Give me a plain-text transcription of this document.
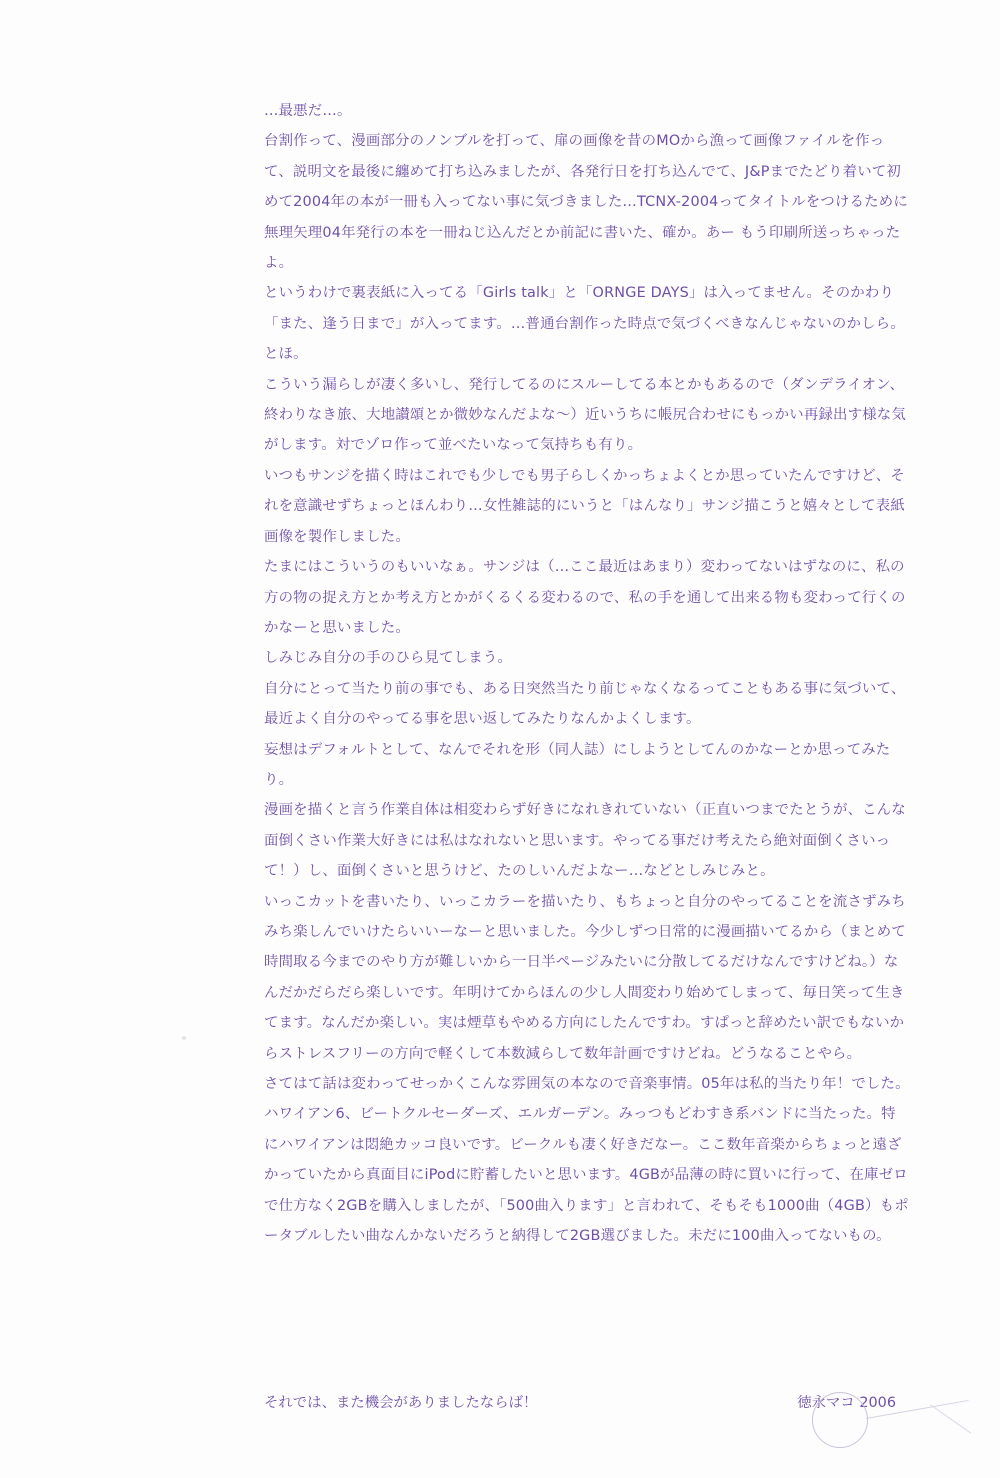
…最悪だ…。

台割作って、漫画部分のノンブルを打って、扉の画像を昔のMOから漁って画像ファイルを作って、説明文を最後に纏めて打ち込みましたが、各発行日を打ち込んでて、J&Pまでたどり着いて初めて2004年の本が一冊も入ってない事に気づきました…TCNX-2004ってタイトルをつけるために無理矢理04年発行の本を一冊ねじ込んだとか前記に書いた、確か。あー もう印刷所送っちゃったよ。

というわけで裏表紙に入ってる「Girls talk」と「ORNGE DAYS」は入ってません。そのかわり「また、逢う日まで」が入ってます。…普通台割作った時点で気づくべきなんじゃないのかしら。とほ。

こういう漏らしが凄く多いし、発行してるのにスルーしてる本とかもあるので（ダンデライオン、終わりなき旅、大地讃頌とか微妙なんだよな〜）近いうちに帳尻合わせにもっかい再録出す様な気がします。対でゾロ作って並べたいなって気持ちも有り。

いつもサンジを描く時はこれでも少しでも男子らしくかっちょよくとか思っていたんですけど、それを意識せずちょっとほんわり…女性雑誌的にいうと「はんなり」サンジ描こうと嬉々として表紙画像を製作しました。

たまにはこういうのもいいなぁ。サンジは（…ここ最近はあまり）変わってないはずなのに、私の方の物の捉え方とか考え方とかがくるくる変わるので、私の手を通して出来る物も変わって行くのかなーと思いました。

しみじみ自分の手のひら見てしまう。

自分にとって当たり前の事でも、ある日突然当たり前じゃなくなるってこともある事に気づいて、最近よく自分のやってる事を思い返してみたりなんかよくします。

妄想はデフォルトとして、なんでそれを形（同人誌）にしようとしてんのかなーとか思ってみたり。

漫画を描くと言う作業自体は相変わらず好きになれきれていない（正直いつまでたとうが、こんな面倒くさい作業大好きには私はなれないと思います。やってる事だけ考えたら絶対面倒くさいって！）し、面倒くさいと思うけど、たのしいんだよなー…などとしみじみと。

いっこカットを書いたり、いっこカラーを描いたり、もちょっと自分のやってることを流さずみちみち楽しんでいけたらいいーなーと思いました。今少しずつ日常的に漫画描いてるから（まとめて時間取る今までのやり方が難しいから一日半ページみたいに分散してるだけなんですけどね。）なんだかだらだら楽しいです。年明けてからほんの少し人間変わり始めてしまって、毎日笑って生きてます。なんだか楽しい。実は煙草もやめる方向にしたんですわ。すぱっと辞めたい訳でもないからストレスフリーの方向で軽くして本数減らして数年計画ですけどね。どうなることやら。

さてはて話は変わってせっかくこんな雰囲気の本なので音楽事情。05年は私的当たり年！でした。

ハワイアン6、ビートクルセーダーズ、エルガーデン。みっつもどわすき系バンドに当たった。特にハワイアンは悶絶カッコ良いです。ビークルも凄く好きだなー。ここ数年音楽からちょっと遠ざかっていたから真面目にiPodに貯蓄したいと思います。4GBが品薄の時に買いに行って、在庫ゼロで仕方なく2GBを購入しましたが、「500曲入ります」と言われて、そもそも1000曲（4GB）もポータブルしたい曲なんかないだろうと納得して2GB選びました。未だに100曲入ってないもの。

それでは、また機会がありましたならば！	徳永マコ 2006
